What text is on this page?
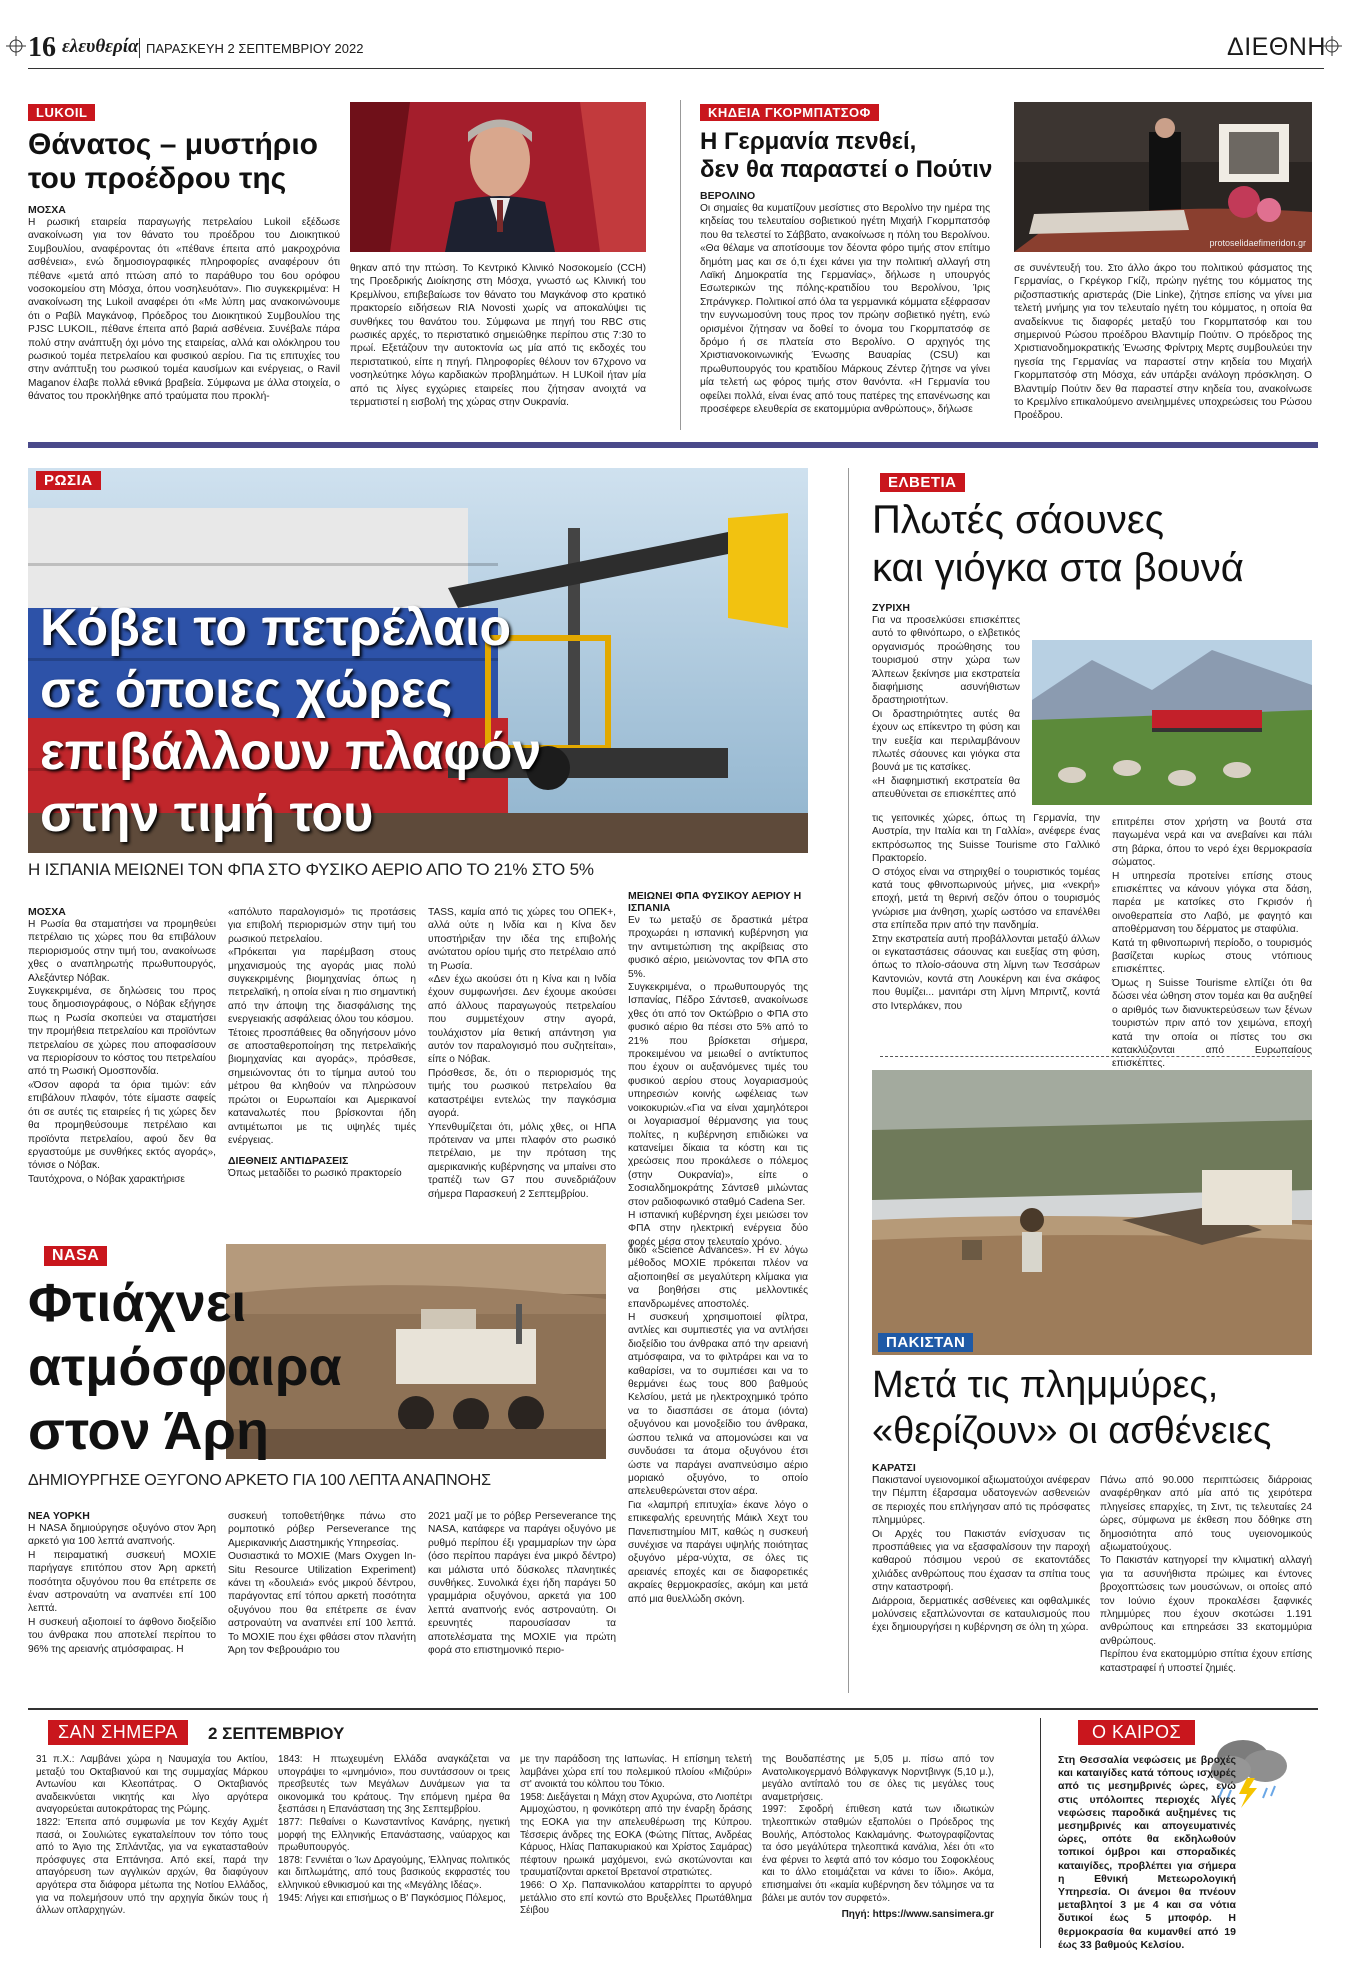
16 ελευθερία ΠΑΡΑΣΚΕΥΗ 2 ΣΕΠΤΕΜΒΡΙΟΥ 2022	ΔΙΕΘΝΗ
LUKOIL
Θάνατος – μυστήριο
του προέδρου της
ΜΟΣΧΑ

Η ρωσική εταιρεία παραγωγής πετρελαίου Lukoil εξέδωσε ανακοίνωση για τον θάνατο του προέδρου του Διοικητικού Συμβουλίου, αναφέροντας ότι «πέθανε έπειτα από μακροχρόνια ασθένεια», ενώ δημοσιογραφικές πληροφορίες αναφέρουν ότι πέθανε «μετά από πτώση από το παράθυρο του 6ου ορόφου νοσοκομείου στη Μόσχα, όπου νοσηλευόταν». Πιο συγκεκριμένα: Η ανακοίνωση της Lukoil αναφέρει ότι «Με λύπη μας ανακοινώνουμε ότι ο Ραβίλ Μαγκάνοφ, Πρόεδρος του Διοικητικού Συμβουλίου της PJSC LUKOIL, πέθανε έπειτα από βαριά ασθένεια. Συνέβαλε πάρα πολύ στην ανάπτυξη όχι μόνο της εταιρείας, αλλά και ολόκληρου του ρωσικού τομέα πετρελαίου και φυσικού αερίου. Για τις επιτυχίες του στην ανάπτυξη του ρωσικού τομέα καυσίμων και ενέργειας, ο Ravil Maganov έλαβε πολλά εθνικά βραβεία. Σύμφωνα με άλλα στοιχεία, ο θάνατος του προκλήθηκε από τραύματα που προκλή-

θηκαν από την πτώση. Το Κεντρικό Κλινικό Νοσοκομείο (CCH) της Προεδρικής Διοίκησης στη Μόσχα, γνωστό ως Κλινική του Κρεμλίνου, επιβεβαίωσε τον θάνατο του Μαγκάνοφ στο κρατικό πρακτορείο ειδήσεων RIA Novosti χωρίς να αποκαλύψει τις συνθήκες του θανάτου του. Σύμφωνα με πηγή του RBC στις ρωσικές αρχές, το περιστατικό σημειώθηκε περίπου στις 7:30 το πρωί. Εξετάζουν την αυτοκτονία ως μία από τις εκδοχές του περιστατικού, είπε η πηγή. Πληροφορίες θέλουν τον 67χρονο να νοσηλεύτηκε λόγω καρδιακών προβλημάτων. Η LUKoil ήταν μία από τις λίγες εγχώριες εταιρείες που ζήτησαν ανοιχτά να τερματιστεί η εισβολή της χώρας στην Ουκρανία.

ΚΗΔΕΙΑ ΓΚΟΡΜΠΑΤΣΟΦ
Η Γερμανία πενθεί,
δεν θα παραστεί ο Πούτιν
ΒΕΡΟΛΙΝΟ

Οι σημαίες θα κυματίζουν μεσίστιες στο Βερολίνο την ημέρα της κηδείας του τελευταίου σοβιετικού ηγέτη Μιχαήλ Γκορμπατσόφ που θα τελεστεί το Σάββατο, ανακοίνωσε η πόλη του Βερολίνου. «Θα θέλαμε να αποτίσουμε τον δέοντα φόρο τιμής στον επίτιμο δημότη μας και σε ό,τι έχει κάνει για την πολιτική αλλαγή στη Λαϊκή Δημοκρατία της Γερμανίας», δήλωσε η υπουργός Εσωτερικών της πόλης-κρατιδίου του Βερολίνου, Ίρις Σπράνγκερ. Πολιτικοί από όλα τα γερμανικά κόμματα εξέφρασαν την ευγνωμοσύνη τους προς τον πρώην σοβιετικό ηγέτη, ενώ ορισμένοι ζήτησαν να δοθεί το όνομα του Γκορμπατσόφ σε δρόμο ή σε πλατεία στο Βερολίνο. Ο αρχηγός της Χριστιανοκοινωνικής Ένωσης Βαυαρίας (CSU) και πρωθυπουργός του κρατιδίου Μάρκους Ζέντερ ζήτησε να γίνει μία τελετή ως φόρος τιμής στον θανόντα. «Η Γερμανία του οφείλει πολλά, είναι ένας από τους πατέρες της επανένωσης και προσέφερε ελευθερία σε εκατομμύρια ανθρώπους», δήλωσε

protoselidaefimeridon.gr

σε συνέντευξή του. Στο άλλο άκρο του πολιτικού φάσματος της Γερμανίας, ο Γκρέγκορ Γκίζι, πρώην ηγέτης του κόμματος της ριζοσπαστικής αριστεράς (Die Linke), ζήτησε επίσης να γίνει μια τελετή μνήμης για τον τελευταίο ηγέτη του κόμματος, η οποία θα αναδείκνυε τις διαφορές μεταξύ του Γκορμπατσόφ και του σημερινού Ρώσου προέδρου Βλαντιμίρ Πούτιν. Ο πρόεδρος της Χριστιανοδημοκρατικής Ένωσης Φρίντριχ Μερτς συμβουλεύει την ηγεσία της Γερμανίας να παραστεί στην κηδεία του Μιχαήλ Γκορμπατσόφ στη Μόσχα, εάν υπάρξει ανάλογη πρόσκληση. Ο Βλαντιμίρ Πούτιν δεν θα παραστεί στην κηδεία του, ανακοίνωσε το Κρεμλίνο επικαλούμενο ανειλημμένες υποχρεώσεις του Ρώσου Προέδρου.

ΡΩΣΙΑ
Κόβει το πετρέλαιο
σε όποιες χώρες
επιβάλλουν πλαφόν
στην τιμή του
Η ΙΣΠΑΝΙΑ ΜΕΙΩΝΕΙ ΤΟΝ ΦΠΑ ΣΤΟ ΦΥΣΙΚΟ ΑΕΡΙΟ ΑΠΟ ΤΟ 21% ΣΤΟ 5%
ΜΟΣΧΑ

Η Ρωσία θα σταματήσει να προμηθεύει πετρέλαιο τις χώρες που θα επιβάλουν περιορισμούς στην τιμή του, ανακοίνωσε χθες ο αναπληρωτής πρωθυπουργός, Αλεξάντερ Νόβακ.
Συγκεκριμένα, σε δηλώσεις του προς τους δημοσιογράφους, ο Νόβακ εξήγησε πως η Ρωσία σκοπεύει να σταματήσει την προμήθεια πετρελαίου και προϊόντων πετρελαίου σε χώρες που αποφασίσουν να περιορίσουν το κόστος του πετρελαίου από τη Ρωσική Ομοσπονδία.
«Όσον αφορά τα όρια τιμών: εάν επιβάλουν πλαφόν, τότε είμαστε σαφείς ότι σε αυτές τις εταιρείες ή τις χώρες δεν θα προμηθεύσουμε πετρέλαιο και προϊόντα πετρελαίου, αφού δεν θα εργαστούμε με συνθήκες εκτός αγοράς», τόνισε ο Νόβακ.
Ταυτόχρονα, ο Νόβακ χαρακτήρισε

«απόλυτο παραλογισμό» τις προτάσεις για επιβολή περιορισμών στην τιμή του ρωσικού πετρελαίου.
«Πρόκειται για παρέμβαση στους μηχανισμούς της αγοράς μιας πολύ συγκεκριμένης βιομηχανίας όπως η πετρελαϊκή, η οποία είναι η πιο σημαντική από την άποψη της διασφάλισης της ενεργειακής ασφάλειας όλου του κόσμου.
Τέτοιες προσπάθειες θα οδηγήσουν μόνο σε αποσταθεροποίηση της πετρελαϊκής βιομηχανίας και αγοράς», πρόσθεσε, σημειώνοντας ότι το τίμημα αυτού του μέτρου θα κληθούν να πληρώσουν πρώτοι οι Ευρωπαίοι και Αμερικανοί καταναλωτές που βρίσκονται ήδη αντιμέτωποι με τις υψηλές τιμές ενέργειας.

ΔΙΕΘΝΕΙΣ ΑΝΤΙΔΡΑΣΕΙΣ

Όπως μεταδίδει το ρωσικό πρακτορείο

TASS, καμία από τις χώρες του ΟΠΕΚ+, αλλά ούτε η Ινδία και η Κίνα δεν υποστήριξαν την ιδέα της επιβολής ανώτατου ορίου τιμής στο πετρέλαιο από τη Ρωσία.
«Δεν έχω ακούσει ότι η Κίνα και η Ινδία έχουν συμφωνήσει. Δεν έχουμε ακούσει από άλλους παραγωγούς πετρελαίου που συμμετέχουν στην αγορά, τουλάχιστον μία θετική απάντηση για αυτόν τον παραλογισμό που συζητείται», είπε ο Νόβακ.
Πρόσθεσε, δε, ότι ο περιορισμός της τιμής του ρωσικού πετρελαίου θα καταστρέψει εντελώς την παγκόσμια αγορά.
Υπενθυμίζεται ότι, μόλις χθες, οι ΗΠΑ πρότειναν να μπει πλαφόν στο ρωσικό πετρέλαιο, με την πρόταση της αμερικανικής κυβέρνησης να μπαίνει στο τραπέζι των G7 που συνεδριάζουν σήμερα Παρασκευή 2 Σεπτεμβρίου.

ΜΕΙΩΝΕΙ ΦΠΑ ΦΥΣΙΚΟΥ ΑΕΡΙΟΥ Η ΙΣΠΑΝΙΑ

Εν τω μεταξύ σε δραστικά μέτρα προχωράει η ισπανική κυβέρνηση για την αντιμετώπιση της ακρίβειας στο φυσικό αέριο, μειώνοντας τον ΦΠΑ στο 5%.
Συγκεκριμένα, ο πρωθυπουργός της Ισπανίας, Πέδρο Σάντσεθ, ανακοίνωσε χθες ότι από τον Οκτώβριο ο ΦΠΑ στο φυσικό αέριο θα πέσει στο 5% από το 21% που βρίσκεται σήμερα, προκειμένου να μειωθεί ο αντίκτυπος που έχουν οι αυξανόμενες τιμές του φυσικού αερίου στους λογαριασμούς υπηρεσιών κοινής ωφέλειας των νοικοκυριών.«Για να είναι χαμηλότεροι οι λογαριασμοί θέρμανσης για τους πολίτες, η κυβέρνηση επιδιώκει να κατανείμει δίκαια τα κόστη και τις χρεώσεις που προκάλεσε ο πόλεμος (στην Ουκρανία)», είπε ο Σοσιαλδημοκράτης Σάντσεθ μιλώντας στον ραδιοφωνικό σταθμό Cadena Ser.
Η ισπανική κυβέρνηση έχει μειώσει τον ΦΠΑ στην ηλεκτρική ενέργεια δύο φορές μέσα στον τελευταίο χρόνο.

ΕΛΒΕΤΙΑ
Πλωτές σάουνες
και γιόγκα στα βουνά
ΖΥΡΙΧΗ

Για να προσελκύσει επισκέπτες αυτό το φθινόπωρο, ο ελβετικός οργανισμός προώθησης του τουρισμού στην χώρα των Άλπεων ξεκίνησε μια εκστρατεία διαφήμισης ασυνήθιστων δραστηριοτήτων.
Οι δραστηριότητες αυτές θα έχουν ως επίκεντρο τη φύση και την ευεξία και περιλαμβάνουν πλωτές σάουνες και γιόγκα στα βουνά με τις κατσίκες.
«Η διαφημιστική εκστρατεία θα απευθύνεται σε επισκέπτες από

τις γειτονικές χώρες, όπως τη Γερμανία, την Αυστρία, την Ιταλία και τη Γαλλία», ανέφερε ένας εκπρόσωπος της Suisse Tourisme στο Γαλλικό Πρακτορείο.
Ο στόχος είναι να στηριχθεί ο τουριστικός τομέας κατά τους φθινοπωρινούς μήνες, μια «νεκρή» εποχή, μετά τη θερινή σεζόν όπου ο τουρισμός γνώρισε μια άνθηση, χωρίς ωστόσο να επανέλθει στα επίπεδα πριν από την πανδημία.
Στην εκστρατεία αυτή προβάλλονται μεταξύ άλλων οι εγκαταστάσεις σάουνας και ευεξίας στη φύση, όπως το πλοίο-σάουνα στη λίμνη των Τεσσάρων Καντονιών, κοντά στη Λουκέρνη και ένα σκάφος που θυμίζει... μανιτάρι στη λίμνη Μπριντζ, κοντά στο Ιντερλάκεν, που

επιτρέπει στον χρήστη να βουτά στα παγωμένα νερά και να ανεβαίνει και πάλι στη βάρκα, όπου το νερό έχει θερμοκρασία σώματος.
Η υπηρεσία προτείνει επίσης στους επισκέπτες να κάνουν γιόγκα στα δάση, παρέα με κατσίκες στο Γκρισόν ή οινοθεραπεία στο Λαβό, με φαγητό και αποθέρμανση του δέρματος με σταφύλια.
Κατά τη φθινοπωρινή περίοδο, ο τουρισμός βασίζεται κυρίως στους ντόπιους επισκέπτες.
Όμως η Suisse Tourisme ελπίζει ότι θα δώσει νέα ώθηση στον τομέα και θα αυξηθεί ο αριθμός των διανυκτερεύσεων των ξένων τουριστών πριν από τον χειμώνα, εποχή κατά την οποία οι πίστες του σκι κατακλύζονται από Ευρωπαίους επισκέπτες.

ΠΑΚΙΣΤΑΝ
Μετά τις πλημμύρες,
«θερίζουν» οι ασθένειες
ΚΑΡΑΤΣΙ

Πακιστανοί υγειονομικοί αξιωματούχοι ανέφεραν την Πέμπτη έξαρσαμα υδατογενών ασθενειών σε περιοχές που επλήγησαν από τις πρόσφατες πλημμύρες.
Οι Αρχές του Πακιστάν ενίσχυσαν τις προσπάθειες για να εξασφαλίσουν την παροχή καθαρού πόσιμου νερού σε εκατοντάδες χιλιάδες ανθρώπους που έχασαν τα σπίτια τους στην καταστροφή.
Διάρροια, δερματικές ασθένειες και οφθαλμικές μολύνσεις εξαπλώνονται σε καταυλισμούς που έχει δημιουργήσει η κυβέρνηση σε όλη τη χώρα.

Πάνω από 90.000 περιπτώσεις διάρροιας αναφέρθηκαν από μία από τις χειρότερα πληγείσες επαρχίες, τη Σιντ, τις τελευταίες 24 ώρες, σύμφωνα με έκθεση που δόθηκε στη δημοσιότητα από τους υγειονομικούς αξιωματούχους.
Το Πακιστάν κατηγορεί την κλιματική αλλαγή για τα ασυνήθιστα πρώιμες και έντονες βροχοπτώσεις των μουσώνων, οι οποίες από τον Ιούνιο έχουν προκαλέσει ξαφνικές πλημμύρες που έχουν σκοτώσει 1.191 ανθρώπους και επηρεάσει 33 εκατομμύρια ανθρώπους.
Περίπου ένα εκατομμύριο σπίτια έχουν επίσης καταστραφεί ή υποστεί ζημιές.

NASA
Φτιάχνει
ατμόσφαιρα
στον Άρη
ΔΗΜΙΟΥΡΓΗΣΕ ΟΞΥΓΟΝΟ ΑΡΚΕΤΟ ΓΙΑ 100 ΛΕΠΤΑ ΑΝΑΠΝΟΗΣ
ΝΕΑ ΥΟΡΚΗ

Η NASA δημιούργησε οξυγόνο στον Άρη αρκετό για 100 λεπτά αναπνοής.
Η πειραματική συσκευή MOXIE παρήγαγε επιτόπου στον Άρη αρκετή ποσότητα οξυγόνου που θα επέτρεπε σε έναν αστροναύτη να αναπνέει επί 100 λεπτά.
Η συσκευή αξιοποιεί το άφθονο διοξείδιο του άνθρακα που αποτελεί περίπου το 96% της αρειανής ατμόσφαιρας. Η

συσκευή τοποθετήθηκε πάνω στο ρομποτικό ρόβερ Perseverance της Αμερικανικής Διαστημικής Υπηρεσίας.
Ουσιαστικά το MOXIE (Mars Oxygen In-Situ Resource Utilization Experiment) κάνει τη «δουλειά» ενός μικρού δέντρου, παράγοντας επί τόπου αρκετή ποσότητα οξυγόνου που θα επέτρεπε σε έναν αστροναύτη να αναπνέει επί 100 λεπτά. Το MOXIE που έχει φθάσει στον πλανήτη Άρη τον Φεβρουάριο του

2021 μαζί με το ρόβερ Perseverance της NASA, κατάφερε να παράγει οξυγόνο με ρυθμό περίπου έξι γραμμαρίων την ώρα (όσο περίπου παράγει ένα μικρό δέντρο) και μάλιστα υπό δύσκολες πλανητικές συνθήκες. Συνολικά έχει ήδη παράγει 50 γραμμάρια οξυγόνου, αρκετά για 100 λεπτά αναπνοής ενός αστροναύτη. Οι ερευνητές παρουσίασαν τα αποτελέσματα της MOXIE για πρώτη φορά στο επιστημονικό περιο-

δικό «Science Advances». Η εν λόγω μέθοδος MOXIE πρόκειται πλέον να αξιοποιηθεί σε μεγαλύτερη κλίμακα για να βοηθήσει στις μελλοντικές επανδρωμένες αποστολές.
Η συσκευή χρησιμοποιεί φίλτρα, αντλίες και συμπιεστές για να αντλήσει διοξείδιο του άνθρακα από την αρειανή ατμόσφαιρα, να το φιλτράρει και να το καθαρίσει, να το συμπιέσει και να το θερμάνει έως τους 800 βαθμούς Κελσίου, μετά με ηλεκτροχημικό τρόπο να το διασπάσει σε άτομα (ιόντα) οξυγόνου και μονοξείδιο του άνθρακα, ώσπου τελικά να απομονώσει και να συνδυάσει τα άτομα οξυγόνου έτσι ώστε να παράγει αναπνεύσιμο αέριο μοριακό οξυγόνο, το οποίο απελευθερώνεται στον αέρα.
Για «λαμπρή επιτυχία» έκανε λόγο ο επικεφαλής ερευνητής Μάικλ Χεχτ του Πανεπιστημίου MIT, καθώς η συσκευή συνέχισε να παράγει υψηλής ποιότητας οξυγόνο μέρα-νύχτα, σε όλες τις αρειανές εποχές και σε διαφορετικές ακραίες θερμοκρασίες, ακόμη και μετά από μια θυελλώδη σκόνη.

ΣΑΝ ΣΗΜΕΡΑ	2 ΣΕΠΤΕΜΒΡΙΟΥ

31 π.Χ.: Λαμβάνει χώρα η Ναυμαχία του Ακτίου, μεταξύ του Οκταβιανού και της συμμαχίας Μάρκου Αντωνίου και Κλεοπάτρας. Ο Οκταβιανός αναδεικνύεται νικητής και λίγο αργότερα αναγορεύεται αυτοκράτορας της Ρώμης.
1822: Έπειτα από συμφωνία με τον Κεχάγ Αχμέτ πασά, οι Σουλιώτες εγκαταλείπουν τον τόπο τους από το Άγιο της Σπλάντζας, για να εγκατασταθούν πρόσφυγες στα Επτάνησα. Από εκεί, παρά την απαγόρευση των αγγλικών αρχών, θα διαφύγουν αργότερα στα διάφορα μέτωπα της Νοτίου Ελλάδος, για να πολεμήσουν υπό την αρχηγία δικών τους ή άλλων οπλαρχηγών.

1843: Η πτωχευμένη Ελλάδα αναγκάζεται να υπογράψει το «μνημόνιο», που συντάσσουν οι τρεις πρεσβευτές των Μεγάλων Δυνάμεων για τα οικονομικά του κράτους. Την επόμενη ημέρα θα ξεσπάσει η Επανάσταση της 3ης Σεπτεμβρίου.
1877: Πεθαίνει ο Κωνσταντίνος Κανάρης, ηγετική μορφή της Ελληνικής Επανάστασης, ναύαρχος και πρωθυπουργός.
1878: Γεννιέται ο Ίων Δραγούμης, Έλληνας πολιτικός και διπλωμάτης, από τους βασικούς εκφραστές του ελληνικού εθνικισμού και της «Μεγάλης Ιδέας».
1945: Λήγει και επισήμως ο Β' Παγκόσμιος Πόλεμος,

με την παράδοση της Ιαπωνίας. Η επίσημη τελετή λαμβάνει χώρα επί του πολεμικού πλοίου «Μιζούρι» στ' ανοικτά του κόλπου του Τόκιο.
1958: Διεξάγεται η Μάχη στον Αχυρώνα, στο Λιοπέτρι Αμμοχώστου, η φονικότερη από την έναρξη δράσης της ΕΟΚΑ για την απελευθέρωση της Κύπρου. Τέσσερις άνδρες της ΕΟΚΑ (Φώτης Πίττας, Ανδρέας Κάρυος, Ηλίας Παπακυριακού και Χρίστος Σαμάρας) πέφτουν ηρωικά μαχόμενοι, ενώ σκοτώνονται και τραυματίζονται αρκετοί Βρετανοί στρατιώτες.
1966: Ο Χρ. Παπανικολάου καταρρίπτει το αργυρό μετάλλιο στο επί κοντώ στο Βρυξελλες Πρωτάθλημα Σέιβου

της Βουδαπέστης με 5,05 μ. πίσω από τον Ανατολικογερμανό Βόλφγκανγκ Νορντβινγκ (5,10 μ.), μεγάλο αντίπαλό του σε όλες τις μεγάλες τους αναμετρήσεις.
1997: Σφοδρή έπιθεση κατά των ιδιωτικών τηλεοπτικών σταθμών εξαπολύει ο Πρόεδρος της Βουλής, Απόστολος Κακλαμάνης. Φωτογραφίζοντας τα όσο μεγάλύτερα τηλεοπτικά κανάλια, λέει ότι «το ένα φέρνει το λεφτά από τον κόσμο του Σοφοκλέους και το άλλο ετοιμάζεται να κάνει το ίδιο». Ακόμα, επισημαίνει ότι «καμία κυβέρνηση δεν τόλμησε να τα βάλει με αυτόν τον συρφετό».

Πηγή: https://www.sansimera.gr
Ο ΚΑΙΡΟΣ

Στη Θεσσαλία νεφώσεις με βροχές και καταιγίδες κατά τόπους ισχυρές από τις μεσημβρινές ώρες, ενώ στις υπόλοιπες περιοχές λίγες νεφώσεις παροδικά αυξημένες τις μεσημβρινές και απογευματινές ώρες, οπότε θα εκδηλωθούν τοπικοί όμβροι και σποραδικές καταιγίδες, προβλέπει για σήμερα η Εθνική Μετεωρολογική Υπηρεσία. Οι άνεμοι θα πνέουν μεταβλητοί 3 με 4 και σα νότια δυτικοί έως 5 μποφόρ. Η θερμοκρασία θα κυμανθεί από 19 έως 33 βαθμούς Κελσίου.
